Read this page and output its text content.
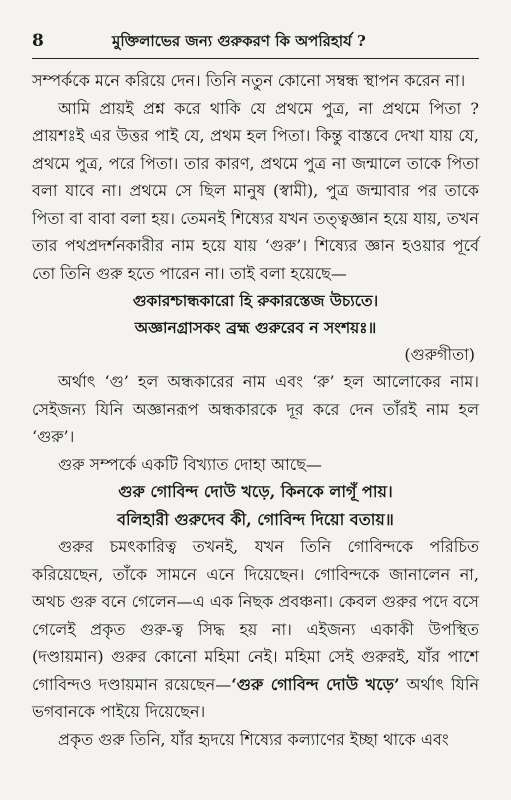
8	মুক্তিলাভের জন্য গুরুকরণ কি অপরিহার্য ?

সম্পর্ককে মনে করিয়ে দেন। তিনি নতুন কোনো সম্বন্ধ স্থাপন করেন না।

আমি প্রায়ই প্রশ্ন করে থাকি যে প্রথমে পুত্র, না প্রথমে পিতা ? প্রায়শঃই এর উত্তর পাই যে, প্রথম হল পিতা। কিন্তু বাস্তবে দেখা যায় যে, প্রথমে পুত্র, পরে পিতা। তার কারণ, প্রথমে পুত্র না জন্মালে তাকে পিতা বলা যাবে না। প্রথমে সে ছিল মানুষ (স্বামী), পুত্র জন্মাবার পর তাকে পিতা বা বাবা বলা হয়। তেমনই শিষ্যের যখন তত্ত্বজ্ঞান হয়ে যায়, তখন তার পথপ্রদর্শনকারীর নাম হয়ে যায় ‘গুরু’। শিষ্যের জ্ঞান হওয়ার পূর্বে তো তিনি গুরু হতে পারেন না। তাই বলা হয়েছে—

গুকারশ্চান্ধকারো হি রুকারস্তেজ উচ্যতে।

অজ্ঞানগ্রাসকং ব্রহ্ম গুরুরেব ন সংশয়ঃ॥

(গুরুগীতা)

অর্থাৎ ‘গু’ হল অন্ধকারের নাম এবং ‘রু’ হল আলোকের নাম। সেইজন্য যিনি অজ্ঞানরূপ অন্ধকারকে দূর করে দেন তাঁরই নাম হল ‘গুরু’।

গুরু সম্পর্কে একটি বিখ্যাত দোহা আছে—

গুরু গোবিন্দ দোউ খড়ে, কিনকে লাগূঁ পায়।

বলিহারী গুরুদেব কী, গোবিন্দ দিয়ো বতায়॥

গুরুর চমৎকারিত্ব তখনই, যখন তিনি গোবিন্দকে পরিচিত করিয়েছেন, তাঁকে সামনে এনে দিয়েছেন। গোবিন্দকে জানালেন না, অথচ গুরু বনে গেলেন—এ এক নিছক প্রবঞ্চনা। কেবল গুরুর পদে বসে গেলেই প্রকৃত গুরু-ত্ব সিদ্ধ হয় না। এইজন্য একাকী উপস্থিত (দণ্ডায়মান) গুরুর কোনো মহিমা নেই। মহিমা সেই গুরুরই, যাঁর পাশে গোবিন্দও দণ্ডায়মান রয়েছেন—‘গুরু গোবিন্দ দোউ খড়ে’ অর্থাৎ যিনি ভগবানকে পাইয়ে দিয়েছেন।

প্রকৃত গুরু তিনি, যাঁর হৃদয়ে শিষ্যের কল্যাণের ইচ্ছা থাকে এবং
